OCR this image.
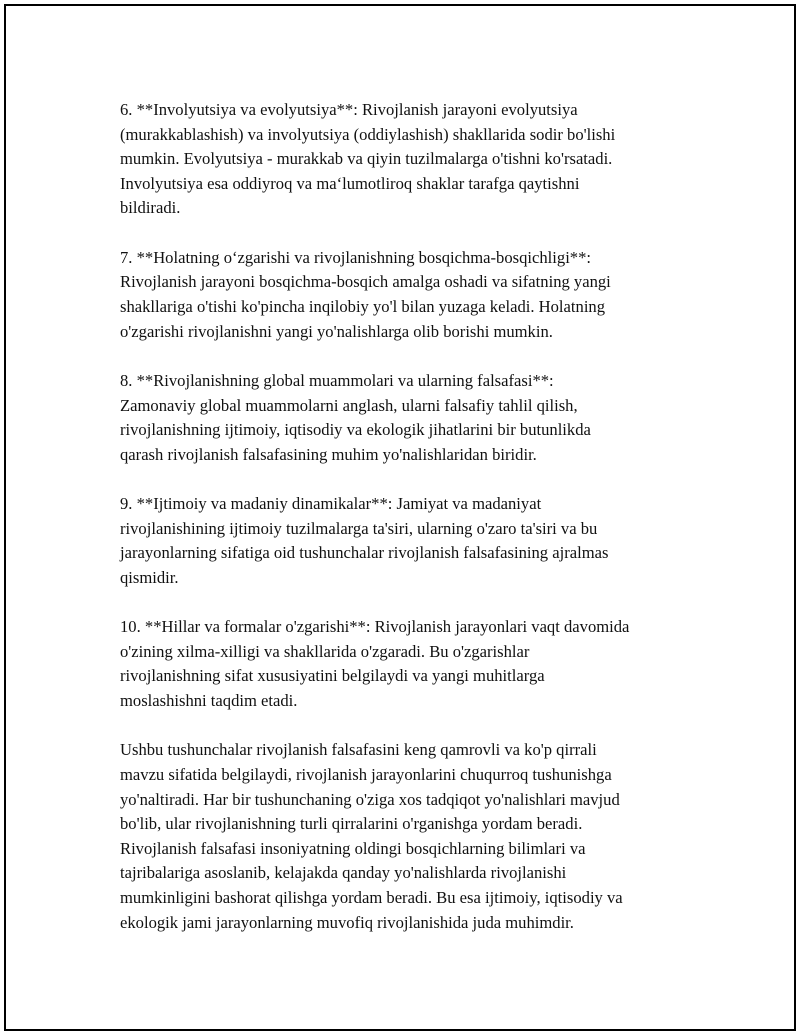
6. **Involyutsiya va evolyutsiya**: Rivojlanish jarayoni evolyutsiya
(murakkablashish) va involyutsiya (oddiylashish) shakllarida sodir bo'lishi
mumkin. Evolyutsiya - murakkab va qiyin tuzilmalarga o'tishni ko'rsatadi.
Involyutsiya esa oddiyroq va ma‘lumotliroq shaklar tarafga qaytishni
bildiradi.

7. **Holatning o‘zgarishi va rivojlanishning bosqichma-bosqichligi**:
Rivojlanish jarayoni bosqichma-bosqich amalga oshadi va sifatning yangi
shakllariga o'tishi ko'pincha inqilobiy yo'l bilan yuzaga keladi. Holatning
o'zgarishi rivojlanishni yangi yo'nalishlarga olib borishi mumkin.

8. **Rivojlanishning global muammolari va ularning falsafasi**:
Zamonaviy global muammolarni anglash, ularni falsafiy tahlil qilish,
rivojlanishning ijtimoiy, iqtisodiy va ekologik jihatlarini bir butunlikda
qarash rivojlanish falsafasining muhim yo'nalishlaridan biridir.

9. **Ijtimoiy va madaniy dinamikalar**: Jamiyat va madaniyat
rivojlanishining ijtimoiy tuzilmalarga ta'siri, ularning o'zaro ta'siri va bu
jarayonlarning sifatiga oid tushunchalar rivojlanish falsafasining ajralmas
qismidir.

10. **Hillar va formalar o'zgarishi**: Rivojlanish jarayonlari vaqt davomida
o'zining xilma-xilligi va shakllarida o'zgaradi. Bu o'zgarishlar
rivojlanishning sifat xususiyatini belgilaydi va yangi muhitlarga
moslashishni taqdim etadi.

Ushbu tushunchalar rivojlanish falsafasini keng qamrovli va ko'p qirrali
mavzu sifatida belgilaydi, rivojlanish jarayonlarini chuqurroq tushunishga
yo'naltiradi. Har bir tushunchaning o'ziga xos tadqiqot yo'nalishlari mavjud
bo'lib, ular rivojlanishning turli qirralarini o'rganishga yordam beradi.
Rivojlanish falsafasi insoniyatning oldingi bosqichlarning bilimlari va
tajribalariga asoslanib, kelajakda qanday yo'nalishlarda rivojlanishi
mumkinligini bashorat qilishga yordam beradi. Bu esa ijtimoiy, iqtisodiy va
ekologik jami jarayonlarning muvofiq rivojlanishida juda muhimdir.
